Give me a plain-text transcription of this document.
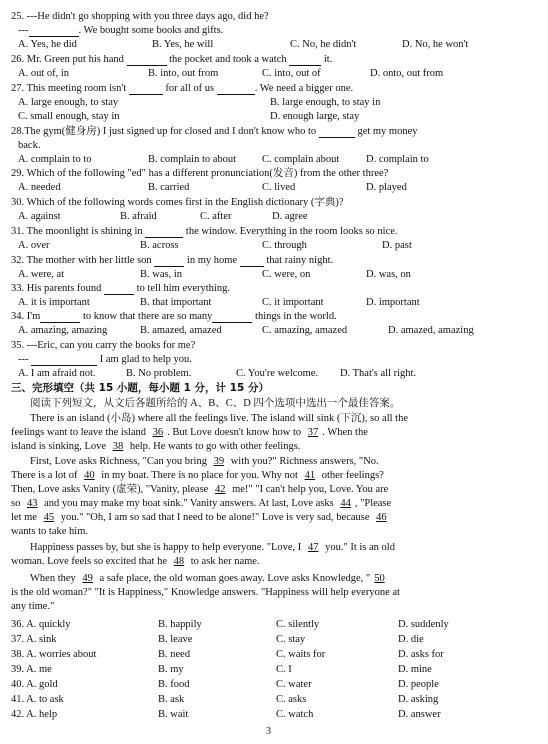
25. ---He didn't go shopping with you three days ago, did he?
---	. We bought some books and gifts.
A. Yes, he did	B. Yes, he will	C. No, he didn't	D. No, he won't
26. Mr. Green put his hand	the pocket and took a watch	it.
A. out of, in	B. into, out from	C. into, out of	D. onto, out from
27. This meeting room isn't	for all of us	. We need a bigger one.
A. large enough, to stay	B. large enough, to stay in
C. small enough, stay in	D. enough large, stay
28.The gym(健身房) I just signed up for closed and I don't know who to	get my money
back.
A. complain to to	B. complain to about C. complain about	D. complain to
29. Which of the following "ed" has a different pronunciation(发音) from the other three?
A. needed	B. carried	C. lived	D. played
30. Which of the following words comes first in the English dictionary (字典)?
A. against	B. afraid	C. after	D. agree
31. The moonlight is shining in	the window. Everything in the room looks so nice.
A. over	B. across	C. through	D. past
32. The mother with her little son	in my home	that rainy night.
A. were, at	B. was, in	C. were, on	D. was, on
33. His parents found	to tell him everything.
A. it is important	B. that important	C. it important	D. important
34. I'm	to know that there are so many	things in the world.
A. amazing, amazing	B. amazed, amazed	C. amazing, amazed	D. amazed, amazing
35. ---Eric, can you carry the books for me?
---	I am glad to help you.
A. I am afraid not.	B. No problem.	C. You're welcome. D. That's all right.
三、完形填空（共 15 小题，每小题 1 分，计 15 分）
阅读下列短文，从文后各题所给的 A、B、C、D 四个选项中选出一个最佳答案。
There is an island (小岛) where all the feelings live. The island will sink (下沉), so all the
feelings want to leave the island 36 . But Love doesn't know how to 37 . When the
island is sinking, Love 38 help. He wants to go with other feelings.
First, Love asks Richness, "Can you bring 39 with you?" Richness answers, "No.
There is a lot of 40 in my boat. There is no place for you. Why not 41 other feelings?
Then, Love asks Vanity (虚荣), "Vanity, please 42 me!" "I can't help you, Love. You are
so 43 and you may make my boat sink." Vanity answers. At last, Love asks 44 , "Please
let me 45 you." "Oh, I am so sad that I need to be alone!" Love is very sad, because 46
wants to take him.
Happiness passes by, but she is happy to help everyone. "Love, I 47 you." It is an old
woman. Love feels so excited that he 48 to ask her name.
When they 49 a safe place, the old woman goes away. Love asks Knowledge, " 50
is the old woman?" "It is Happiness," Knowledge answers. "Happiness will help everyone at
any time."
36. A. quickly	B. happily	C. silently	D. suddenly
37. A. sink	B. leave	C. stay	D. die
38. A. worries about	B. need	C. waits for	D. asks for
39. A. me	B. my	C. I	D. mine
40. A. gold	B. food	C. water	D. people
41. A. to ask	B. ask	C. asks	D. asking
42. A. help	B. wait	C. watch	D. answer
3
